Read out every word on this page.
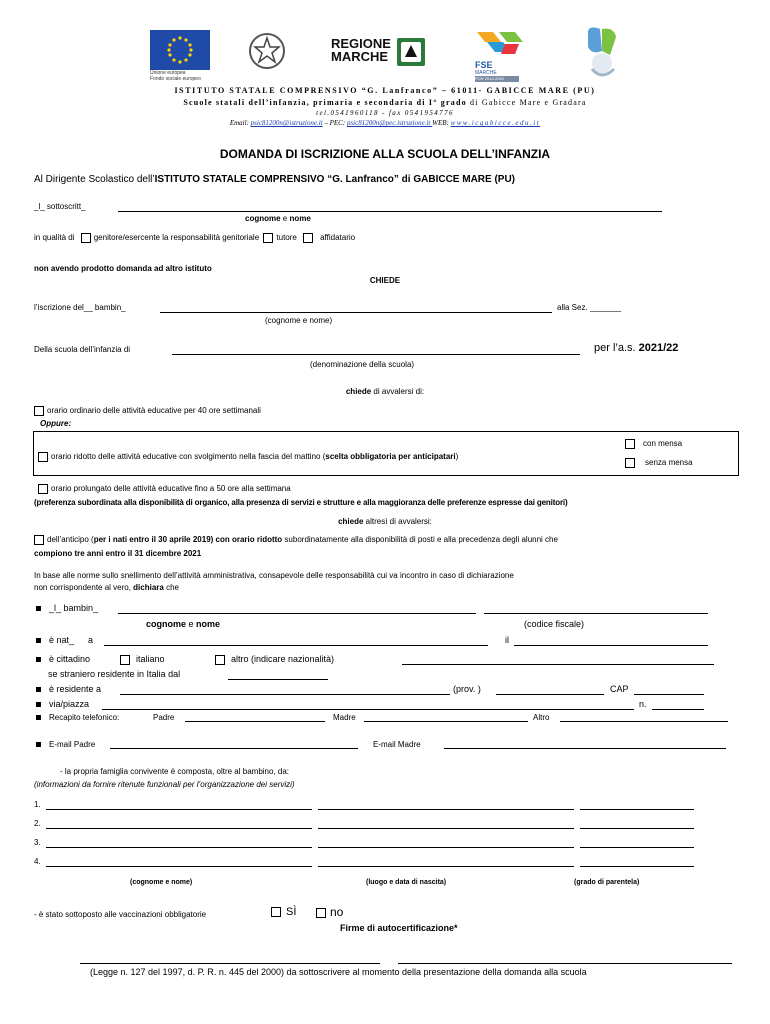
Unione europea
Fondo sociale europeo
REGIONE
MARCHE

FSE
MARCHE
POR 2014-2020
ISTITUTO STATALE COMPRENSIVO “G. Lanfranco” – 61011- GABICCE MARE (PU)
Scuole statali dell’infanzia, primaria e secondaria di I° grado di Gabicce Mare e Gradara
tel.0541960118 - fax 0541954776
Email: psic81200n@istruzione.it – PEC: psic81200n@pec.istruzione.it WEB: www.icgabicce.edu.it
DOMANDA DI ISCRIZIONE ALLA SCUOLA DELL’INFANZIA
Al Dirigente Scolastico dell’ISTITUTO STATALE COMPRENSIVO “G. Lanfranco” di GABICCE MARE (PU)
_l_ sottoscritt_
cognome e nome
in qualità di genitore/esercente la responsabilità genitoriale tutore	affidatario
non avendo prodotto domanda ad altro istituto
CHIEDE
l’iscrizione del__ bambin_	alla Sez. _______
(cognome e nome)
Della scuola dell’infanzia di	per l’a.s. 2021/22
(denominazione della scuola)
chiede di avvalersi di:
orario ordinario delle attività educative per 40 ore settimanali
Oppure:
orario ridotto delle attività educative con svolgimento nella fascia del mattino (scelta obbligatoria per anticipatari)
con mensa
senza mensa
orario prolungato delle attività educative fino a 50 ore alla settimana
(preferenza subordinata alla disponibilità di organico, alla presenza di servizi e strutture e alla maggioranza delle preferenze espresse dai genitori)
chiede altresì di avvalersi:
dell’anticipo (per i nati entro il 30 aprile 2019) con orario ridotto subordinatamente alla disponibilità di posti e alla precedenza degli alunni che
compiono tre anni entro il 31 dicembre 2021
In base alle norme sullo snellimento dell’attività amministrativa, consapevole delle responsabilità cui va incontro in caso di dichiarazione
non corrispondente al vero, dichiara che
_l_ bambin_
cognome e nome	(codice fiscale)
è nat_ a	il
è cittadino	italiano	altro (indicare nazionalità)
se straniero residente in Italia dal
è residente a	(prov. )	CAP
via/piazza	n.
Recapito telefonico:	Padre	Madre	Altro
E-mail Padre	E-mail Madre
- la propria famiglia convivente è composta, oltre al bambino, da:
(informazioni da fornire ritenute funzionali per l’organizzazione dei servizi)
1.
2.
3.
4.
(cognome e nome)	(luogo e data di nascita)	(grado di parentela)
- è stato sottoposto alle vaccinazioni obbligatorie	SÌ	no
Firme di autocertificazione*
(Legge n. 127 del 1997, d. P. R. n. 445 del 2000) da sottoscrivere al momento della presentazione della domanda alla scuola
